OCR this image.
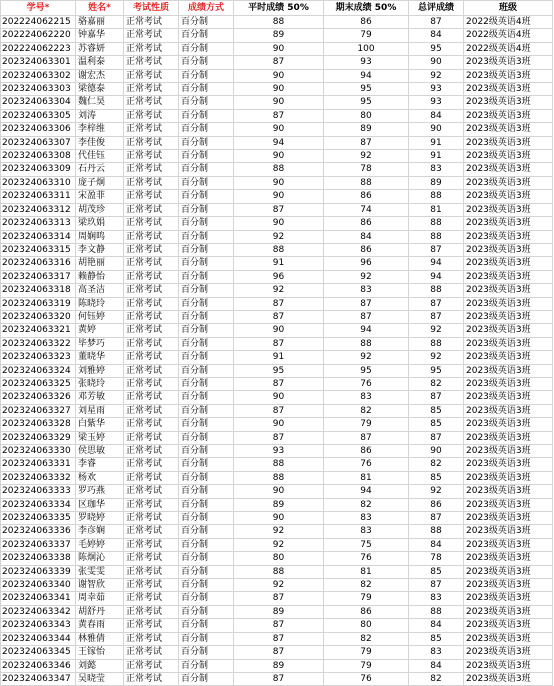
学号*	姓名*	考试性质	成绩方式	平时成绩 50%	期末成绩 50%	总评成绩	班级
202224062215	骆嘉丽	正常考试	百分制	88	86	87	2022级英语4班
202224062220	钟嘉华	正常考试	百分制	89	79	84	2022级英语4班
202224062223	苏睿妍	正常考试	百分制	90	100	95	2022级英语4班
202324063301	温利泰	正常考试	百分制	87	93	90	2023级英语3班
202324063302	谢宏杰	正常考试	百分制	90	94	92	2023级英语3班
202324063303	梁德泰	正常考试	百分制	90	95	93	2023级英语3班
202324063304	魏仁昊	正常考试	百分制	90	95	93	2023级英语3班
202324063305	刘涛	正常考试	百分制	87	80	84	2023级英语3班
202324063306	李梓维	正常考试	百分制	90	89	90	2023级英语3班
202324063307	李佳俊	正常考试	百分制	94	87	91	2023级英语3班
202324063308	代佳钰	正常考试	百分制	90	92	91	2023级英语3班
202324063309	石丹云	正常考试	百分制	88	78	83	2023级英语3班
202324063310	庞子炯	正常考试	百分制	90	88	89	2023级英语3班
202324063311	宋盈菲	正常考试	百分制	90	86	88	2023级英语3班
202324063312	胡茂珍	正常考试	百分制	87	74	81	2023级英语3班
202324063313	梁玖娟	正常考试	百分制	90	86	88	2023级英语3班
202324063314	周娴鸣	正常考试	百分制	92	84	88	2023级英语3班
202324063315	李文静	正常考试	百分制	88	86	87	2023级英语3班
202324063316	胡艳丽	正常考试	百分制	91	96	94	2023级英语3班
202324063317	赖静怡	正常考试	百分制	96	92	94	2023级英语3班
202324063318	高圣洁	正常考试	百分制	92	83	88	2023级英语3班
202324063319	陈晓玲	正常考试	百分制	87	87	87	2023级英语3班
202324063320	何钰婷	正常考试	百分制	87	87	87	2023级英语3班
202324063321	黄婷	正常考试	百分制	90	94	92	2023级英语3班
202324063322	毕梦巧	正常考试	百分制	87	88	88	2023级英语3班
202324063323	董晓华	正常考试	百分制	91	92	92	2023级英语3班
202324063324	刘雅婷	正常考试	百分制	95	95	95	2023级英语3班
202324063325	张晓玲	正常考试	百分制	87	76	82	2023级英语3班
202324063326	邓芳敏	正常考试	百分制	90	83	87	2023级英语3班
202324063327	刘星雨	正常考试	百分制	87	82	85	2023级英语3班
202324063328	白紫华	正常考试	百分制	90	79	85	2023级英语3班
202324063329	梁玉婷	正常考试	百分制	87	87	87	2023级英语3班
202324063330	侯思敏	正常考试	百分制	93	86	90	2023级英语3班
202324063331	李睿	正常考试	百分制	88	76	82	2023级英语3班
202324063332	杨欢	正常考试	百分制	88	81	85	2023级英语3班
202324063333	罗巧燕	正常考试	百分制	90	94	92	2023级英语3班
202324063334	区珈华	正常考试	百分制	89	82	86	2023级英语3班
202324063335	罗晓婷	正常考试	百分制	90	83	87	2023级英语3班
202324063336	李彦娴	正常考试	百分制	92	83	88	2023级英语3班
202324063337	毛婷婷	正常考试	百分制	92	75	84	2023级英语3班
202324063338	陈炯沁	正常考试	百分制	80	76	78	2023级英语3班
202324063339	张雯雯	正常考试	百分制	88	81	85	2023级英语3班
202324063340	谢智欣	正常考试	百分制	92	82	87	2023级英语3班
202324063341	周幸茹	正常考试	百分制	87	79	83	2023级英语3班
202324063342	胡舒丹	正常考试	百分制	89	86	88	2023级英语3班
202324063343	黄春雨	正常考试	百分制	87	80	84	2023级英语3班
202324063344	林雅倩	正常考试	百分制	87	82	85	2023级英语3班
202324063345	王镓怡	正常考试	百分制	87	79	83	2023级英语3班
202324063346	刘懿	正常考试	百分制	89	79	84	2023级英语3班
202324063347	吴晓莹	正常考试	百分制	87	76	82	2023级英语3班
